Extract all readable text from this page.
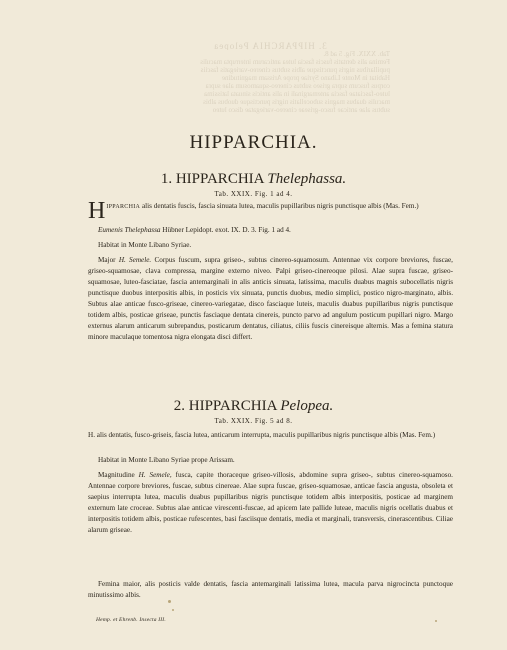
3. HIPPARCHIA Pelopea
Tab. XXIX. Fig. 5 ad 8.
Femina alis dentatis fuscis fascia lutea anticarum interrupta maculis
pupillaribus nigris punctisque albis subtus cinereo-variegatis fasciis
Habitat in Monte Libano Syriae prope Arissam magnitudine
corpus fuscum supra griseo subtus cinereo-squamosum alae supra
luteo-fasciatae fascia antemarginali in alis anticis sinuata latissima
maculis duabus magnis subocellatis nigris punctisque duobus albis
subtus alae anticae fusco-griseae cinereo-variegatae disco luteo
HIPPARCHIA.
1. HIPPARCHIA Thelephassa.
Tab. XXIX. Fig. 1 ad 4.
HIPPARCHIA alis dentatis fuscis, fascia sinuata lutea, maculis pupillaribus nigris punctisque albis (Mas. Fem.)
Eumenis Thelephassa Hübner Lepidopt. exot. IX. D. 3. Fig. 1 ad 4.
Habitat in Monte Libano Syriae.
Major H. Semele. Corpus fuscum, supra griseo-, subtus cinereo-squamosum. Antennae vix corpore breviores, fuscae, griseo-squamosae, clava compressa, margine externo niveo. Palpi griseo-cinereoque pilosi. Alae supra fuscae, griseo-squamosae, luteo-fasciatae, fascia antemarginali in alis anticis sinuata, latissima, maculis duabus magnis subocellatis nigris punctisque duobus interpositis albis, in posticis vix sinuata, punctis duobus, medio simplici, postico nigro-marginato, albis. Subtus alae anticae fusco-griseae, cinereo-variegatae, disco fasciaque luteis, maculis duabus pupillaribus nigris punctisque totidem albis, posticae griseae, punctis fasciaque dentata cinereis, puncto parvo ad angulum posticum pupillari nigro. Margo externus alarum anticarum subrepandus, posticarum dentatus, ciliatus, ciliis fuscis cinereisque alternis. Mas a femina statura minore maculaque tomentosa nigra elongata disci differt.
2. HIPPARCHIA Pelopea.
Tab. XXIX. Fig. 5 ad 8.
H. alis dentatis, fusco-griseis, fascia lutea, anticarum interrupta, maculis pupillaribus nigris punctisque albis (Mas. Fem.)
Habitat in Monte Libano Syriae prope Arissam.
Magnitudine H. Semele, fusca, capite thoraceque griseo-villosis, abdomine supra griseo-, subtus cinereo-squamoso. Antennae corpore breviores, fuscae, subtus cinereae. Alae supra fuscae, griseo-squamosae, anticae fascia angusta, obsoleta et saepius interrupta lutea, maculis duabus pupillaribus nigris punctisque totidem albis interpositis, posticae ad marginem externum late croceae. Subtus alae anticae virescenti-fuscae, ad apicem late pallide luteae, maculis nigris ocellatis duabus et interpositis totidem albis, posticae rufescentes, basi fasciisque dentatis, media et marginali, transversis, cinerascentibus. Ciliae alarum griseae.
Femina maior, alis posticis valde dentatis, fascia antemarginali latissima lutea, macula parva nigrocincta punctoque minutissimo albis.
Hemp. et Ehrenb. Insecta III.
